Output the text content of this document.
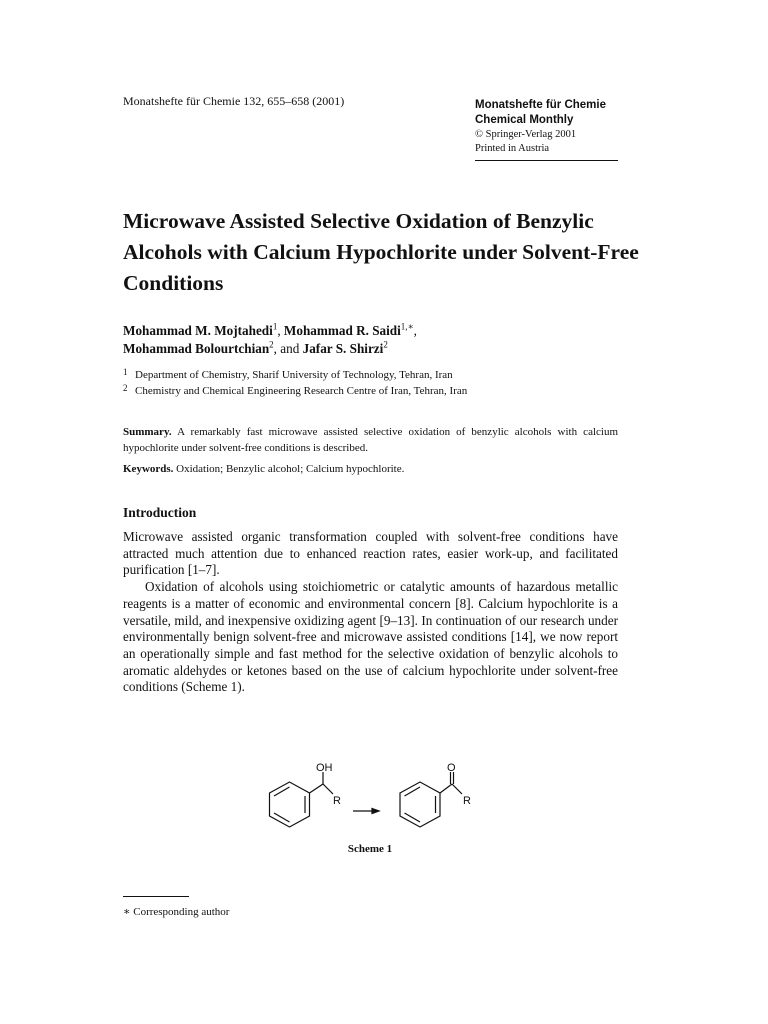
Monatshefte für Chemie 132, 655–658 (2001)	Monatshefte für Chemie
Chemical Monthly
© Springer-Verlag 2001
Printed in Austria
Microwave Assisted Selective Oxidation of Benzylic Alcohols with Calcium Hypochlorite under Solvent-Free Conditions
Mohammad M. Mojtahedi$^1$, Mohammad R. Saidi$^{1,∗}$,
Mohammad Bolourtchian$^2$, and Jafar S. Shirzi$^2$
1 Department of Chemistry, Sharif University of Technology, Tehran, Iran
2 Chemistry and Chemical Engineering Research Centre of Iran, Tehran, Iran
Summary. A remarkably fast microwave assisted selective oxidation of benzylic alcohols with calcium hypochlorite under solvent-free conditions is described.
Keywords. Oxidation; Benzylic alcohol; Calcium hypochlorite.
Introduction

Microwave assisted organic transformation coupled with solvent-free conditions have attracted much attention due to enhanced reaction rates, easier work-up, and facilitated purification [1–7].

Oxidation of alcohols using stoichiometric or catalytic amounts of hazardous metallic reagents is a matter of economic and environmental concern [8]. Calcium hypochlorite is a versatile, mild, and inexpensive oxidizing agent [9–13]. In continuation of our research under environmentally benign solvent-free and microwave assisted conditions [14], we now report an operationally simple and fast method for the selective oxidation of benzylic alcohols to aromatic aldehydes or ketones based on the use of calcium hypochlorite under solvent-free conditions (Scheme 1).

OH
R
O
R
Scheme 1
∗ Corresponding author
